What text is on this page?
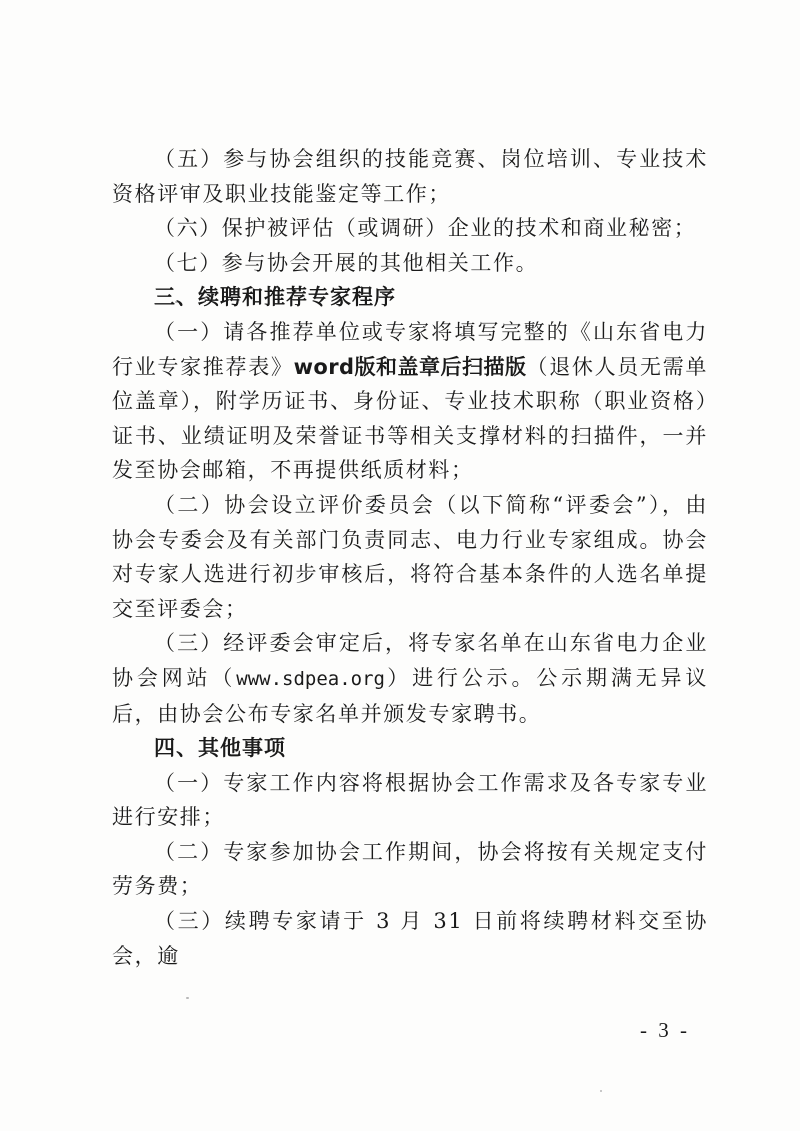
（五）参与协会组织的技能竞赛、岗位培训、专业技术资格评审及职业技能鉴定等工作；

（六）保护被评估（或调研）企业的技术和商业秘密；

（七）参与协会开展的其他相关工作。

三、续聘和推荐专家程序

（一）请各推荐单位或专家将填写完整的《山东省电力行业专家推荐表》word版和盖章后扫描版（退休人员无需单位盖章），附学历证书、身份证、专业技术职称（职业资格）证书、业绩证明及荣誉证书等相关支撑材料的扫描件，一并发至协会邮箱，不再提供纸质材料；

（二）协会设立评价委员会（以下简称“评委会”），由协会专委会及有关部门负责同志、电力行业专家组成。协会对专家人选进行初步审核后，将符合基本条件的人选名单提交至评委会；

（三）经评委会审定后，将专家名单在山东省电力企业协会网站（www.sdpea.org）进行公示。公示期满无异议后，由协会公布专家名单并颁发专家聘书。

四、其他事项

（一）专家工作内容将根据协会工作需求及各专家专业进行安排；

（二）专家参加协会工作期间，协会将按有关规定支付劳务费；

（三）续聘专家请于 3 月 31 日前将续聘材料交至协会，逾

- 3 -
